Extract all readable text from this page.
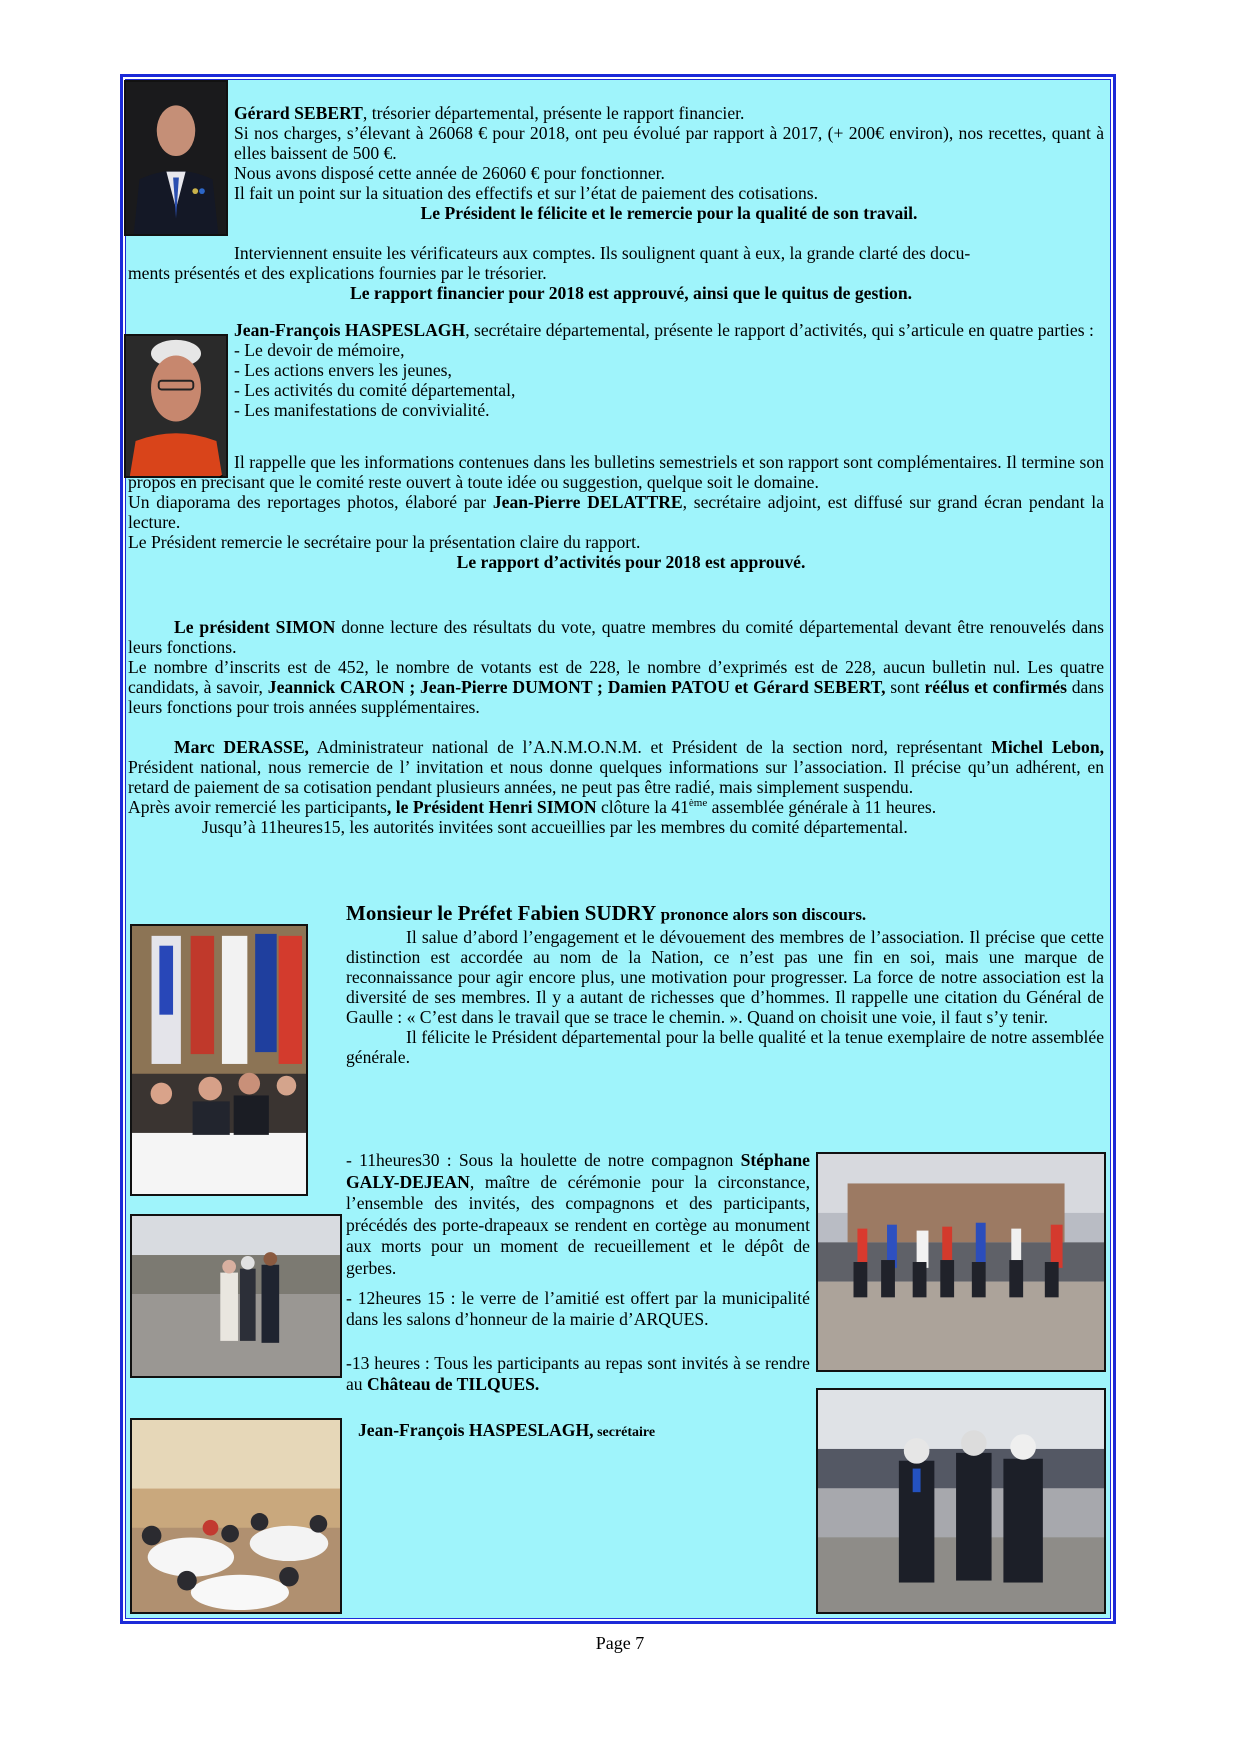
Gérard SEBERT, trésorier départemental, présente le rapport financier.

Si nos charges, s’élevant à 26068 € pour 2018, ont peu évolué par rapport à 2017, (+ 200€ environ), nos recettes, quant à elles baissent de 500 €.

Nous avons disposé cette année de 26060 € pour fonctionner.

Il fait un point sur la situation des effectifs et sur l’état de paiement des cotisations.

Le Président le félicite et le remercie pour la qualité de son travail.

Interviennent ensuite les vérificateurs aux comptes. Ils soulignent quant à eux, la grande clarté des docu-

ments présentés et des explications fournies par le trésorier.

Le rapport financier pour 2018 est approuvé, ainsi que le quitus de gestion.

Jean-François HASPESLAGH, secrétaire départemental, présente le rapport d’activités, qui s’articule en quatre parties :

- Le devoir de mémoire,

- Les actions envers les jeunes,

- Les activités du comité départemental,

- Les manifestations de convivialité.

Il rappelle que les informations contenues dans les bulletins semestriels et son rapport sont complémentaires. Il termine son propos en précisant que le comité reste ouvert à toute idée ou suggestion, quelque soit le domaine.

Un diaporama des reportages photos, élaboré par Jean-Pierre DELATTRE, secrétaire adjoint, est diffusé sur grand écran pendant la lecture.

Le Président remercie le secrétaire pour la présentation claire du rapport.

Le rapport d’activités pour 2018 est approuvé.

Le président SIMON donne lecture des résultats du vote, quatre membres du comité départemental devant être renouvelés dans leurs fonctions.

Le nombre d’inscrits est de 452, le nombre de votants est de 228, le nombre d’exprimés est de 228, aucun bulletin nul. Les quatre candidats, à savoir, Jeannick CARON ; Jean-Pierre DUMONT ; Damien PATOU et Gérard SEBERT, sont réélus et confirmés dans leurs fonctions pour trois années supplémentaires.

Marc DERASSE, Administrateur national de l’A.N.M.O.N.M. et Président de la section nord, représentant Michel Lebon, Président national, nous remercie de l’ invitation et nous donne quelques informations sur l’association. Il précise qu’un adhérent, en retard de paiement de sa cotisation pendant plusieurs années, ne peut pas être radié, mais simplement suspendu.

Après avoir remercié les participants, le Président Henri SIMON clôture la 41ème assemblée générale à 11 heures.

Jusqu’à 11heures15, les autorités invitées sont accueillies par les membres du comité départemental.

Monsieur le Préfet Fabien SUDRY prononce alors son discours.

Il salue d’abord l’engagement et le dévouement des membres de l’association. Il précise que cette distinction est accordée au nom de la Nation, ce n’est pas une fin en soi, mais une marque de reconnaissance pour agir encore plus, une motivation pour progresser. La force de notre association est la diversité de ses membres. Il y a autant de richesses que d’hommes. Il rappelle une citation du Général de Gaulle : « C’est dans le travail que se trace le chemin. ». Quand on choisit une voie, il faut s’y tenir.

Il félicite le Président départemental pour la belle qualité et la tenue exemplaire de notre assemblée générale.

- 11heures30 : Sous la houlette de notre compagnon Stéphane GALY-DEJEAN, maître de cérémonie pour la circonstance, l’ensemble des invités, des compagnons et des participants, précédés des porte-drapeaux se rendent en cortège au monument aux morts pour un moment de recueillement et le dépôt de gerbes.

- 12heures 15 : le verre de l’amitié est offert par la municipalité dans les salons d’honneur de la mairie d’ARQUES.

-13 heures : Tous les participants au repas sont invités à se rendre au Château de TILQUES.

Jean-François HASPESLAGH, secrétaire

Page 7
